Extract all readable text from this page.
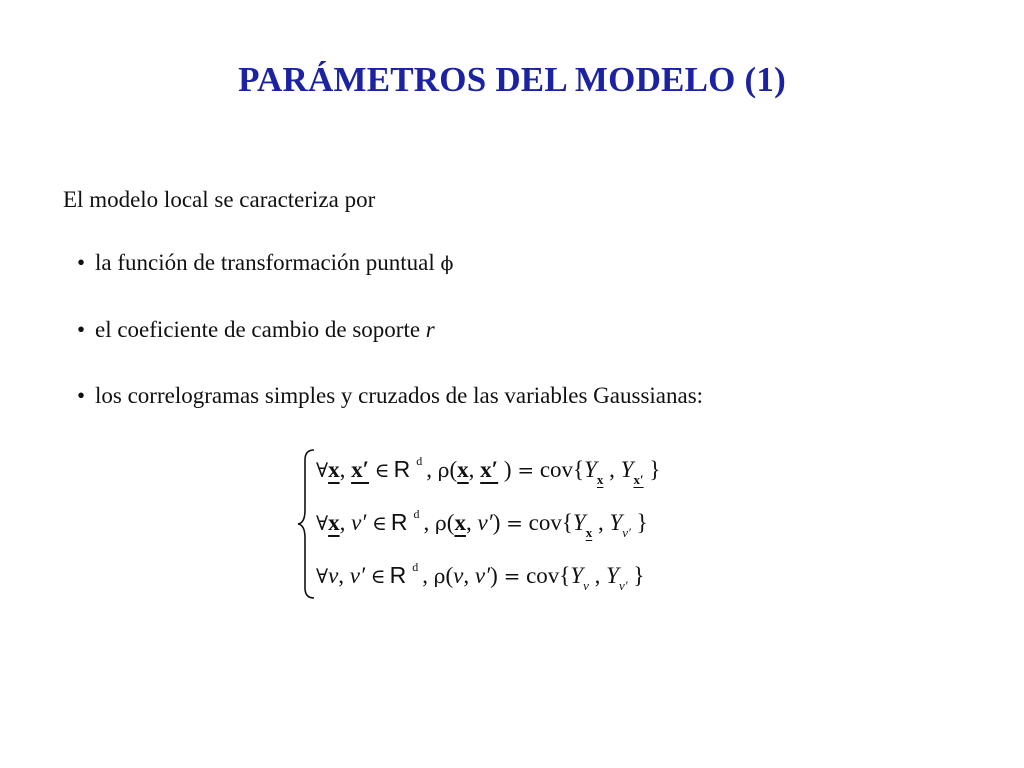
PARÁMETROS DEL MODELO (1)
El modelo local se caracteriza por
• la función de transformación puntual ϕ
• el coeficiente de cambio de soporte r
• los correlogramas simples y cruzados de las variables Gaussianas:
∀x, x′ ∈ R $^d$ , ρ(x, x′ ) = $cov\{Y_x$ , $Y_{x'}$ }
∀x, v′ ∈ R $^d$ , ρ(x, $v') = cov\{Y_x$ , $Y_{v'}$ }
∀v, v′ ∈ R $^d$ , ρ(v, $v') = cov\{Y_v$ , $Y_{v'}$ }
